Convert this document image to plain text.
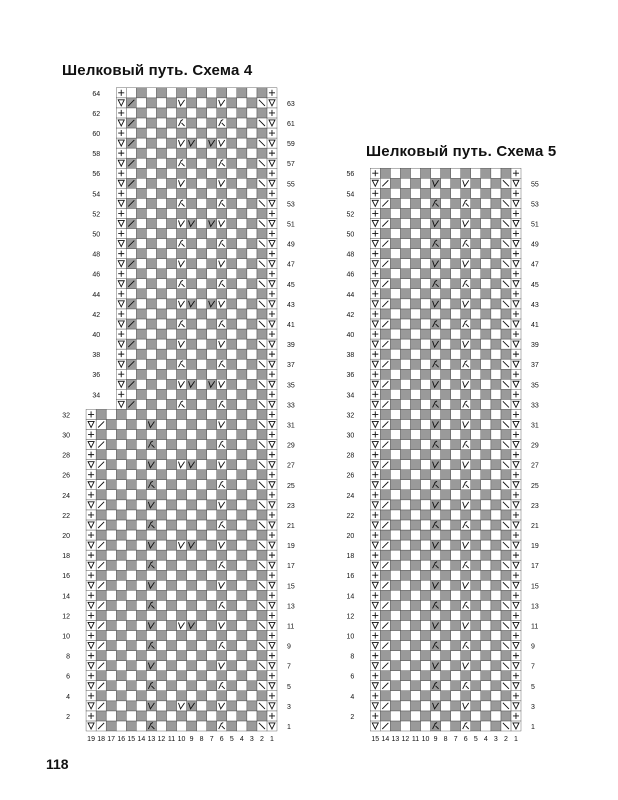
Шелковый путь. Схема 4
Шелковый путь. Схема 5
64
62
60
58
56
54
52
50
48
46
44
42
40
38
36
34
32
30
28
26
24
22
20
18
16
14
12
10
8
6
4
2
63
61
59
57
55
53
51
49
47
45
43
41
39
37
35
33
31
29
27
25
23
21
19
17
15
13
11
9
7
5
3
1
19 18 17 16 15 14 13 12 11 10 9 8 7 6 5 4 3 2 1
56
54
52
50
48
46
44
42
40
38
36
34
32
30
28
26
24
22
20
18
16
14
12
10
8
6
4
2
55
53
51
49
47
45
43
41
39
37
35
33
31
29
27
25
23
21
19
17
15
13
11
9
7
5
3
1
15 14 13 12 11 10 9 8 7 6 5 4 3 2 1
118
